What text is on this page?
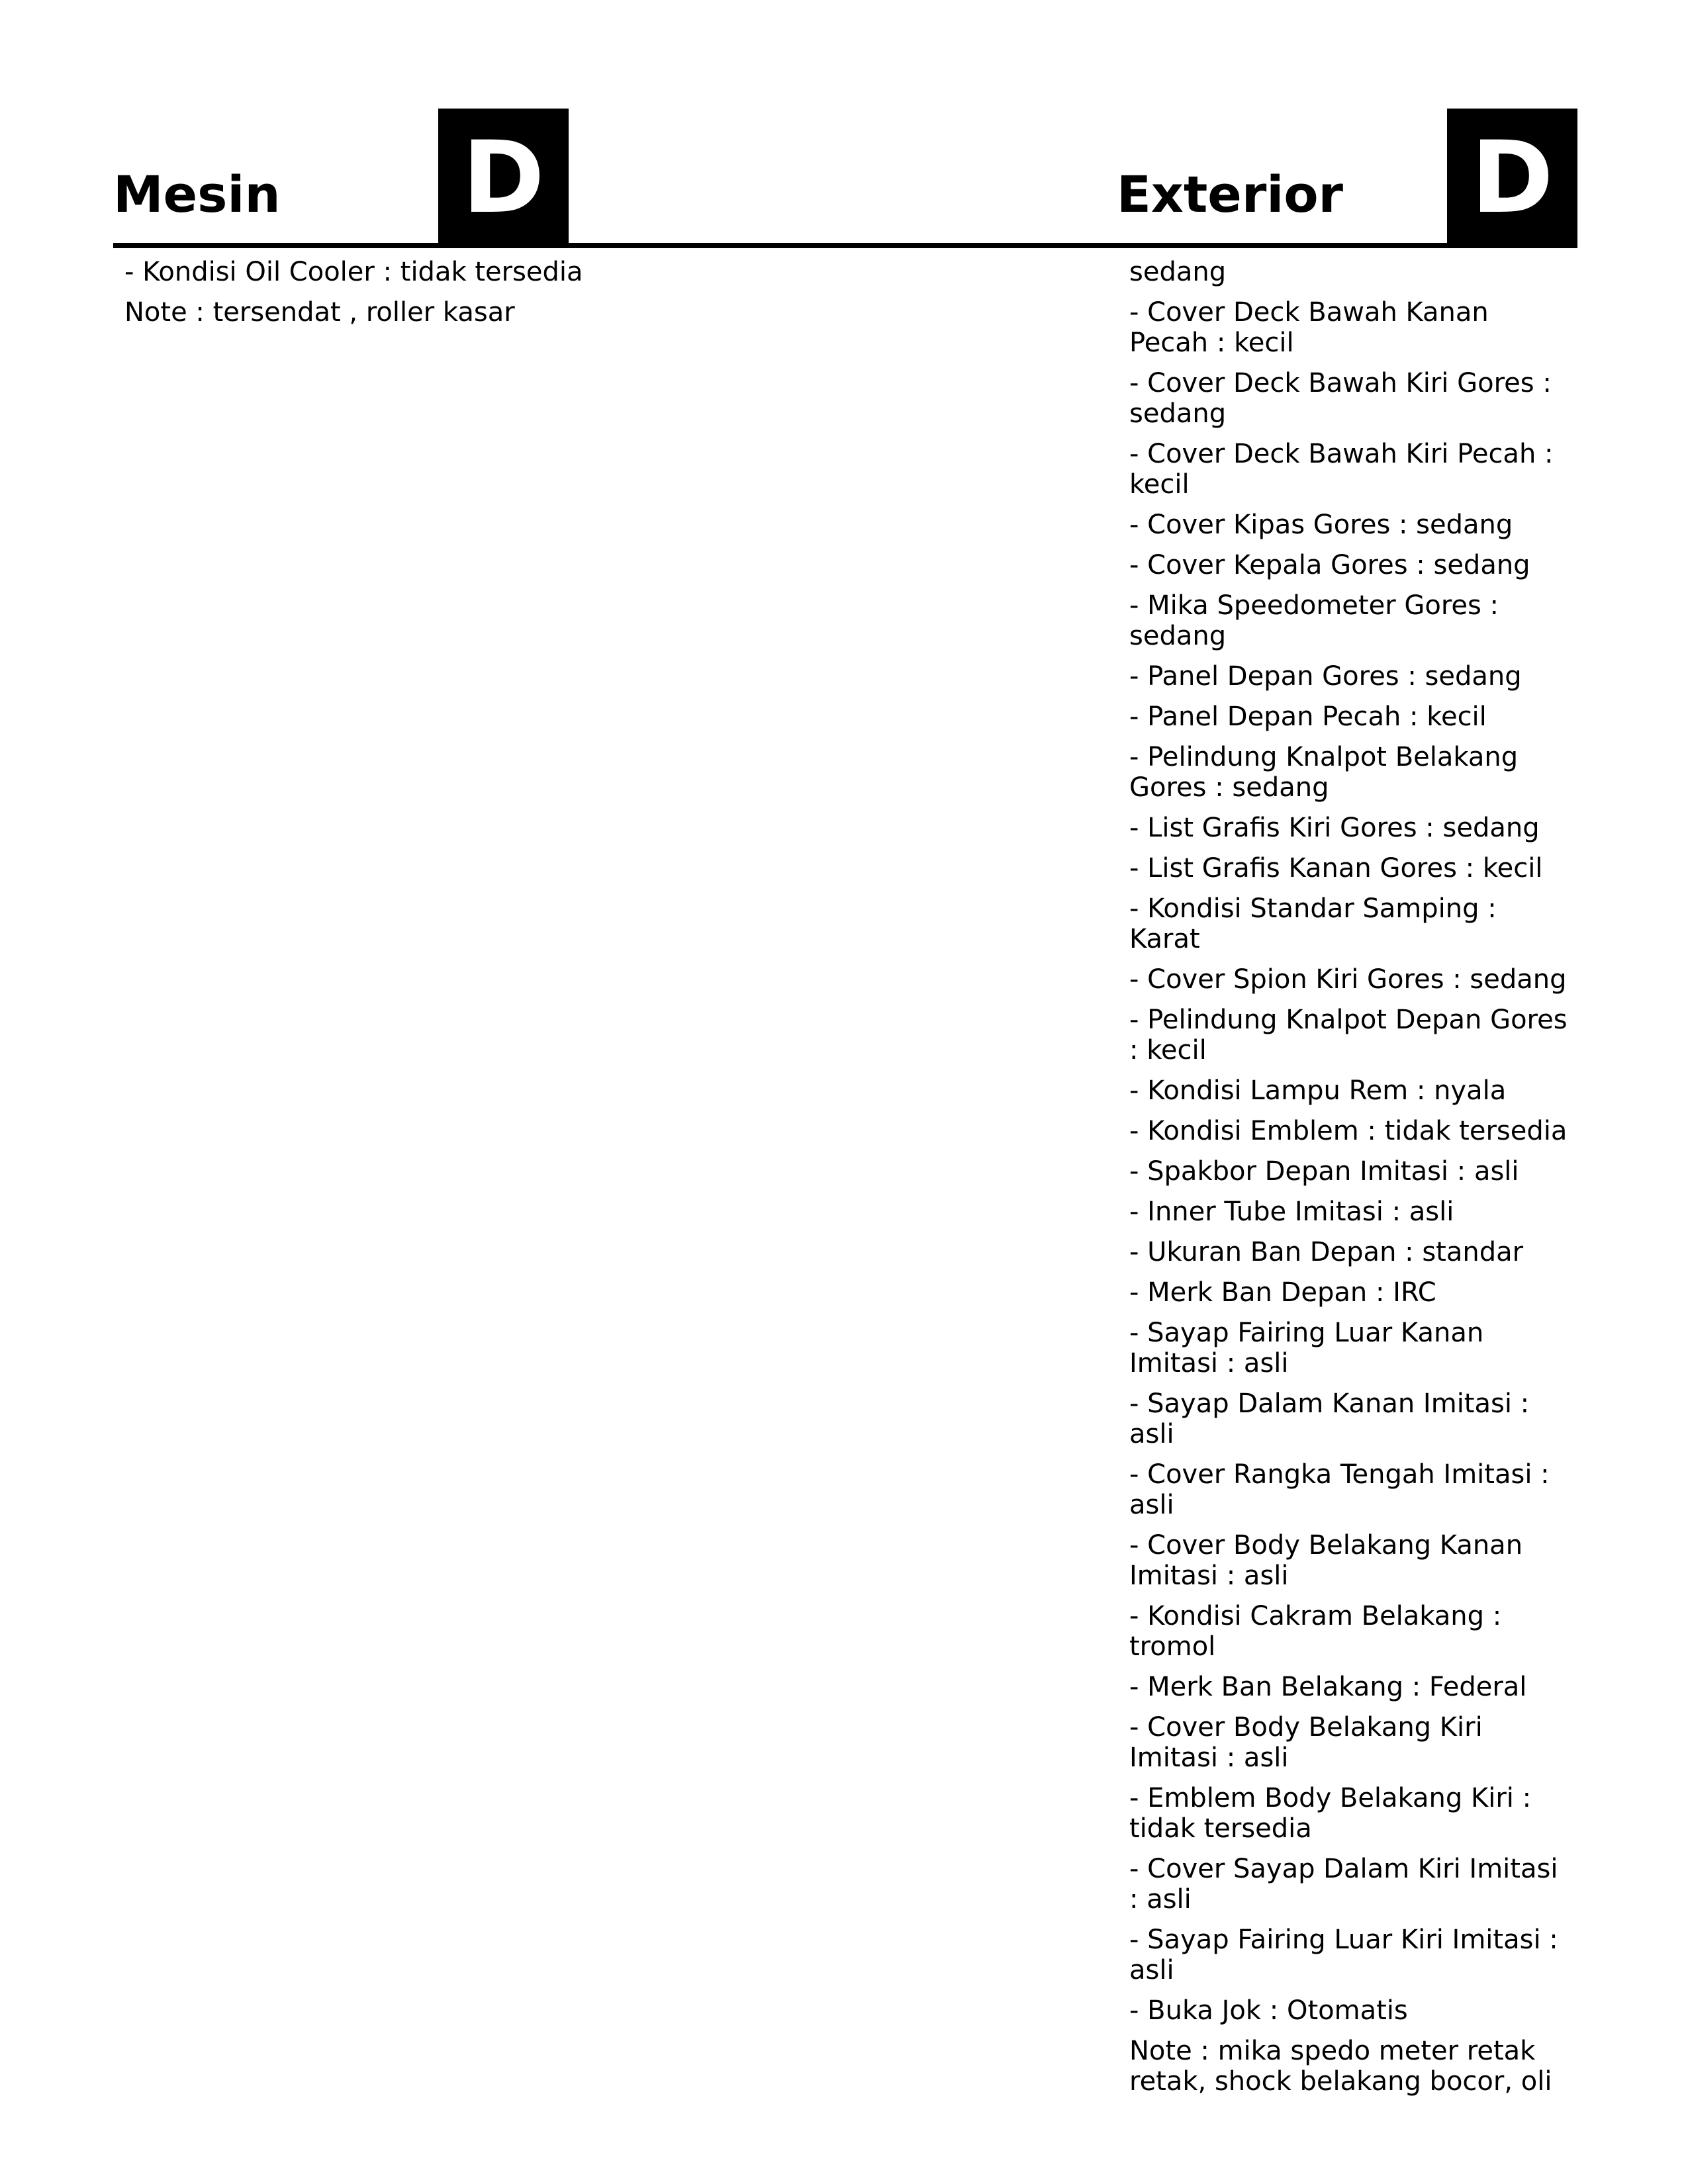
Mesin D	Exterior D
- Kondisi Oil Cooler : tidak tersedia
Note : tersendat , roller kasar
sedang
- Cover Deck Bawah Kanan Pecah : kecil
- Cover Deck Bawah Kiri Gores : sedang
- Cover Deck Bawah Kiri Pecah : kecil
- Cover Kipas Gores : sedang
- Cover Kepala Gores : sedang
- Mika Speedometer Gores : sedang
- Panel Depan Gores : sedang
- Panel Depan Pecah : kecil
- Pelindung Knalpot Belakang Gores : sedang
- List Grafis Kiri Gores : sedang
- List Grafis Kanan Gores : kecil
- Kondisi Standar Samping : Karat
- Cover Spion Kiri Gores : sedang
- Pelindung Knalpot Depan Gores : kecil
- Kondisi Lampu Rem : nyala
- Kondisi Emblem : tidak tersedia
- Spakbor Depan Imitasi : asli
- Inner Tube Imitasi : asli
- Ukuran Ban Depan : standar
- Merk Ban Depan : IRC
- Sayap Fairing Luar Kanan Imitasi : asli
- Sayap Dalam Kanan Imitasi : asli
- Cover Rangka Tengah Imitasi : asli
- Cover Body Belakang Kanan Imitasi : asli
- Kondisi Cakram Belakang : tromol
- Merk Ban Belakang : Federal
- Cover Body Belakang Kiri Imitasi : asli
- Emblem Body Belakang Kiri : tidak tersedia
- Cover Sayap Dalam Kiri Imitasi : asli
- Sayap Fairing Luar Kiri Imitasi : asli
- Buka Jok : Otomatis
Note : mika spedo meter retak retak, shock belakang bocor, oli
